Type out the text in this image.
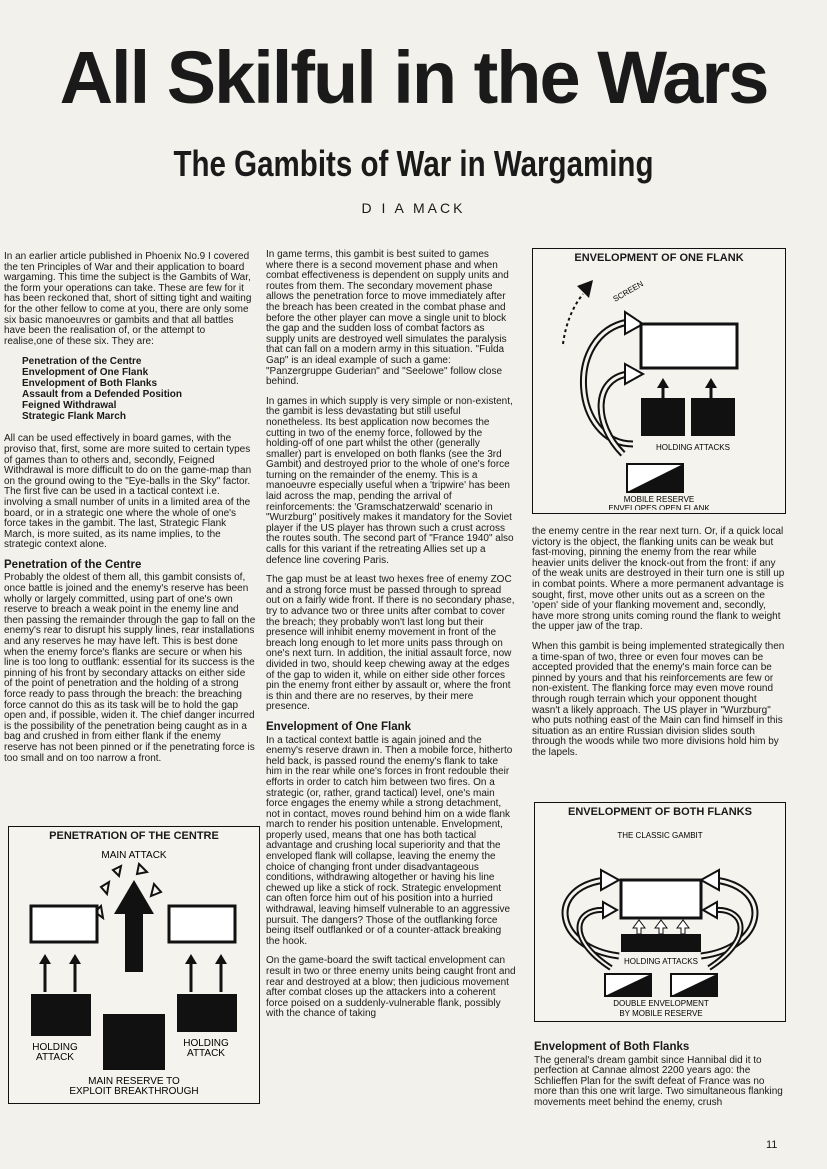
All Skilful in the Wars
The Gambits of War in Wargaming
D I A MACK

In an earlier article published in Phoenix No.9 I covered the ten Principles of War and their application to board wargaming. This time the subject is the Gambits of War, the form your operations can take. These are few for it has been reckoned that, short of sitting tight and waiting for the other fellow to come at you, there are only some six basic manoeuvres or gambits and that all battles have been the realisation of, or the attempt to realise,one of these six. They are:

Penetration of the Centre
Envelopment of One Flank
Envelopment of Both Flanks
Assault from a Defended Position
Feigned Withdrawal
Strategic Flank March

All can be used effectively in board games, with the proviso that, first, some are more suited to certain types of games than to others and, secondly, Feigned Withdrawal is more difficult to do on the game-map than on the ground owing to the "Eye-balls in the Sky" factor. The first five can be used in a tactical context i.e. involving a small number of units in a limited area of the board, or in a strategic one where the whole of one's force takes in the gambit. The last, Strategic Flank March, is more suited, as its name implies, to the strategic context alone.

Penetration of the Centre

Probably the oldest of them all, this gambit consists of, once battle is joined and the enemy's reserve has been wholly or largely committed, using part of one's own reserve to breach a weak point in the enemy line and then passing the remainder through the gap to fall on the enemy's rear to disrupt his supply lines, rear installations and any reserves he may have left. This is best done when the enemy force's flanks are secure or when his line is too long to outflank: essential for its success is the pinning of his front by secondary attacks on either side of the point of penetration and the holding of a strong force ready to pass through the breach: the breaching force cannot do this as its task will be to hold the gap open and, if possible, widen it. The chief danger incurred is the possibility of the penetration being caught as in a bag and crushed in from either flank if the enemy reserve has not been pinned or if the penetrating force is too small and on too narrow a front.

PENETRATION OF THE CENTRE
MAIN ATTACK
HOLDING
ATTACK
HOLDING
ATTACK
MAIN RESERVE TO
EXPLOIT BREAKTHROUGH

In game terms, this gambit is best suited to games where there is a second movement phase and when combat effectiveness is dependent on supply units and routes from them. The secondary movement phase allows the penetration force to move immediately after the breach has been created in the combat phase and before the other player can move a single unit to block the gap and the sudden loss of combat factors as supply units are destroyed well simulates the paralysis that can fall on a modern army in this situation. "Fulda Gap" is an ideal example of such a game: "Panzergruppe Guderian" and "Seelowe" follow close behind.

In games in which supply is very simple or non-existent, the gambit is less devastating but still useful nonetheless. Its best application now becomes the cutting in two of the enemy force, followed by the holding-off of one part whilst the other (generally smaller) part is enveloped on both flanks (see the 3rd Gambit) and destroyed prior to the whole of one's force turning on the remainder of the enemy. This is a manoeuvre especially useful when a 'tripwire' has been laid across the map, pending the arrival of reinforcements: the 'Gramschatzerwald' scenario in "Wurzburg" positively makes it mandatory for the Soviet player if the US player has thrown such a crust across the routes south. The second part of "France 1940" also calls for this variant if the retreating Allies set up a defence line covering Paris.

The gap must be at least two hexes free of enemy ZOC and a strong force must be passed through to spread out on a fairly wide front. If there is no secondary phase, try to advance two or three units after combat to cover the breach; they probably won't last long but their presence will inhibit enemy movement in front of the breach long enough to let more units pass through on one's next turn. In addition, the initial assault force, now divided in two, should keep chewing away at the edges of the gap to widen it, while on either side other forces pin the enemy front either by assault or, where the front is thin and there are no reserves, by their mere presence.

Envelopment of One Flank

In a tactical context battle is again joined and the enemy's reserve drawn in. Then a mobile force, hitherto held back, is passed round the enemy's flank to take him in the rear while one's forces in front redouble their efforts in order to catch him between two fires. On a strategic (or, rather, grand tactical) level, one's main force engages the enemy while a strong detachment, not in contact, moves round behind him on a wide flank march to render his position untenable. Envelopment, properly used, means that one has both tactical advantage and crushing local superiority and that the enveloped flank will collapse, leaving the enemy the choice of changing front under disadvantageous conditions, withdrawing altogether or having his line chewed up like a stick of rock. Strategic envelopment can often force him out of his position into a hurried withdrawal, leaving himself vulnerable to an aggressive pursuit. The dangers? Those of the outflanking force being itself outflanked or of a counter-attack breaking the hook.

On the game-board the swift tactical envelopment can result in two or three enemy units being caught front and rear and destroyed at a blow; then judicious movement after combat closes up the attackers into a coherent force poised on a suddenly-vulnerable flank, possibly with the chance of taking

ENVELOPMENT OF ONE FLANK
SCREEN
HOLDING ATTACKS
MOBILE RESERVE
ENVELOPES OPEN FLANK

the enemy centre in the rear next turn. Or, if a quick local victory is the object, the flanking units can be weak but fast-moving, pinning the enemy from the rear while heavier units deliver the knock-out from the front: if any of the weak units are destroyed in their turn one is still up in combat points. Where a more permanent advantage is sought, first, move other units out as a screen on the 'open' side of your flanking movement and, secondly, have more strong units coming round the flank to weight the upper jaw of the trap.

When this gambit is being implemented strategically then a time-span of two, three or even four moves can be accepted provided that the enemy's main force can be pinned by yours and that his reinforcements are few or non-existent. The flanking force may even move round through rough terrain which your opponent thought wasn't a likely approach. The US player in "Wurzburg" who puts nothing east of the Main can find himself in this situation as an entire Russian division slides south through the woods while two more divisions hold him by the lapels.

ENVELOPMENT OF BOTH FLANKS
THE CLASSIC GAMBIT
HOLDING ATTACKS
DOUBLE ENVELOPMENT
BY MOBILE RESERVE
Envelopment of Both Flanks

The general's dream gambit since Hannibal did it to perfection at Cannae almost 2200 years ago: the Schlieffen Plan for the swift defeat of France was no more than this one writ large. Two simultaneous flanking movements meet behind the enemy, crush

11
